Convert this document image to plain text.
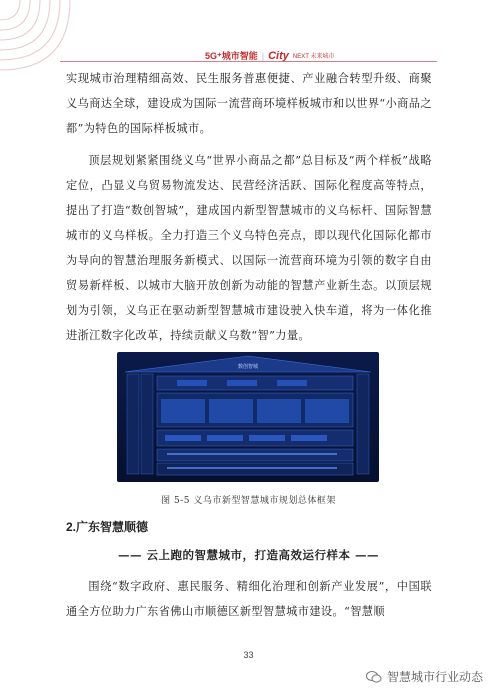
5G⁺城市智能 | City NEXT 未来城市

实现城市治理精细高效、民生服务普惠便捷、产业融合转型升级、商聚义乌商达全球，建设成为国际一流营商环境样板城市和以世界“小商品之都”为特色的国际样板城市。

顶层规划紧紧围绕义乌“世界小商品之都”总目标及“两个样板”战略定位，凸显义乌贸易物流发达、民营经济活跃、国际化程度高等特点，提出了打造“数创智城”，建成国内新型智慧城市的义乌标杆、国际智慧城市的义乌样板。全力打造三个义乌特色亮点，即以现代化国际化都市为导向的智慧治理服务新模式、以国际一流营商环境为引领的数字自由贸易新样板、以城市大脑开放创新为动能的智慧产业新生态。以顶层规划为引领，义乌正在驱动新型智慧城市建设驶入快车道，将为一体化推进浙江数字化改革，持续贡献义乌数“智”力量。

数创智城
图 5-5 义乌市新型智慧城市规划总体框架
2.广东智慧顺德
—— 云上跑的智慧城市，打造高效运行样本 ——

围绕“数字政府、惠民服务、精细化治理和创新产业发展”，中国联通全方位助力广东省佛山市顺德区新型智慧城市建设。“智慧顺

33
智慧城市行业动态
